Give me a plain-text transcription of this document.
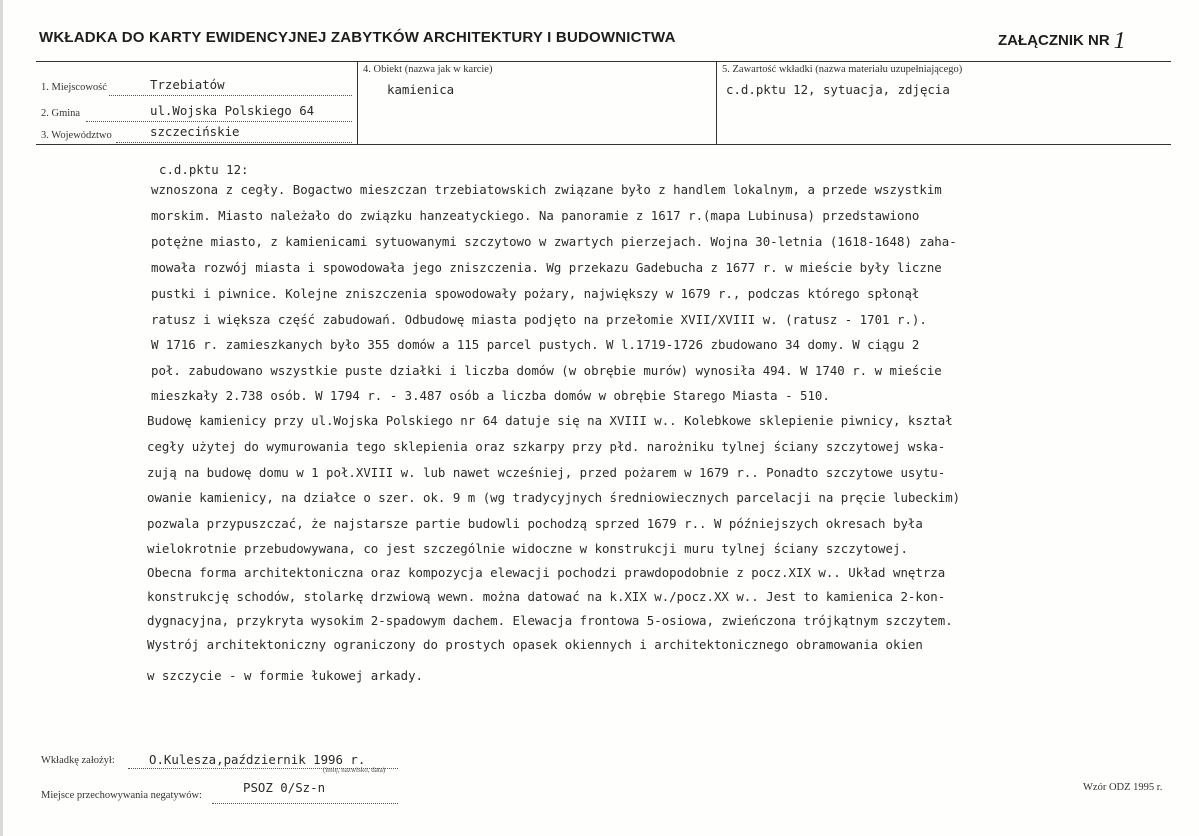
WKŁADKA DO KARTY EWIDENCYJNEJ ZABYTKÓW ARCHITEKTURY I BUDOWNICTWA	ZAŁĄCZNIK NR 1
1. Miejscowość	Trzebiatów
2. Gmina	ul.Wojska Polskiego 64
3. Województwo	szczecińskie
4. Obiekt (nazwa jak w karcie)
kamienica
5. Zawartość wkładki (nazwa materiału uzupełniającego)
c.d.pktu 12, sytuacja, zdjęcia
c.d.pktu 12:
wznoszona z cegły. Bogactwo mieszczan trzebiatowskich związane było z handlem lokalnym, a przede wszystkim
morskim. Miasto należało do związku hanzeatyckiego. Na panoramie z 1617 r.(mapa Lubinusa) przedstawiono
potężne miasto, z kamienicami sytuowanymi szczytowo w zwartych pierzejach. Wojna 30-letnia (1618-1648) zaha-
mowała rozwój miasta i spowodowała jego zniszczenia. Wg przekazu Gadebucha z 1677 r. w mieście były liczne
pustki i piwnice. Kolejne zniszczenia spowodowały pożary, największy w 1679 r., podczas którego spłonął
ratusz i większa część zabudowań. Odbudowę miasta podjęto na przełomie XVII/XVIII w. (ratusz - 1701 r.).
W 1716 r. zamieszkanych było 355 domów a 115 parcel pustych. W l.1719-1726 zbudowano 34 domy. W ciągu 2
poł. zabudowano wszystkie puste działki i liczba domów (w obrębie murów) wynosiła 494. W 1740 r. w mieście
mieszkały 2.738 osób. W 1794 r. - 3.487 osób a liczba domów w obrębie Starego Miasta - 510.
Budowę kamienicy przy ul.Wojska Polskiego nr 64 datuje się na XVIII w.. Kolebkowe sklepienie piwnicy, kształ
cegły użytej do wymurowania tego sklepienia oraz szkarpy przy płd. narożniku tylnej ściany szczytowej wska-
zują na budowę domu w 1 poł.XVIII w. lub nawet wcześniej, przed pożarem w 1679 r.. Ponadto szczytowe usytu-
owanie kamienicy, na działce o szer. ok. 9 m (wg tradycyjnych średniowiecznych parcelacji na pręcie lubeckim)
pozwala przypuszczać, że najstarsze partie budowli pochodzą sprzed 1679 r.. W późniejszych okresach była
wielokrotnie przebudowywana, co jest szczególnie widoczne w konstrukcji muru tylnej ściany szczytowej.
Obecna forma architektoniczna oraz kompozycja elewacji pochodzi prawdopodobnie z pocz.XIX w.. Układ wnętrza
konstrukcję schodów, stolarkę drzwiową wewn. można datować na k.XIX w./pocz.XX w.. Jest to kamienica 2-kon-
dygnacyjna, przykryta wysokim 2-spadowym dachem. Elewacja frontowa 5-osiowa, zwieńczona trójkątnym szczytem.
Wystrój architektoniczny ograniczony do prostych opasek okiennych i architektonicznego obramowania okien
w szczycie - w formie łukowej arkady.
Wkładkę założył:	O.Kulesza,październik 1996 r.
(imię, nazwisko, data)
Miejsce przechowywania negatywów:
PSOZ 0/Sz-n	Wzór ODZ 1995 r.
